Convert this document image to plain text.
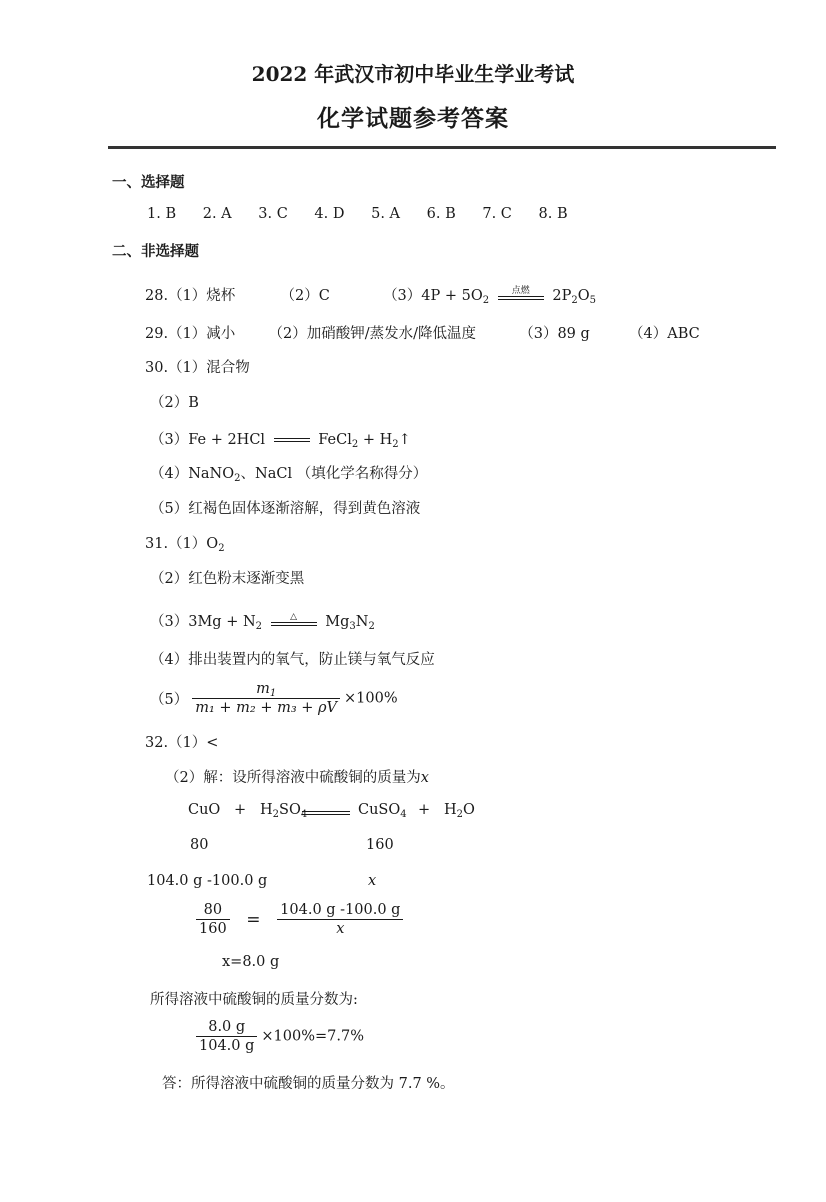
2022 年武汉市初中毕业生学业考试
化学试题参考答案
一、选择题
1. B 2. A 3. C 4. D 5. A 6. B 7. C 8. B
二、非选择题
28.（1）烧杯	（2）C	$(3)4P + 5O_2$
点燃	$2P_2O_5$
29.（1）减小 （2）加硝酸钾/蒸发水/降低温度	（3）89 g	（4）ABC
30.（1）混合物
（2）B
（3）Fe + 2HCl	FeCl$_2$ + $H_2↑$
（4）NaNO$_2$、NaCl （填化学名称得分）
（5）红褐色固体逐渐溶解，得到黄色溶液
$31.(1)O_2$
（2）红色粉末逐渐变黑
$(3)3Mg + N_2$
△	$Mg_3N_2$
（4）排出装置内的氧气，防止镁与氧气反应
$(5) \frac{m_1}{\text{m₁ + m₂ + m₃ + ρV}} \times 100\%$
32.（1）<
（2）解：设所得溶液中硫酸铜的质量为x
CuO + $H_2SO_4$	CuSO$_4$ + $H_2O$
80	160
104.0 g -100.0 g	x
$\frac{80}{160} = \frac{104.0 g -100.0 g}{x}$
x=8.0 g
所得溶液中硫酸铜的质量分数为:
$\frac{8.0 g}{104.0 g} \times 100\%=7.7\%$
答：所得溶液中硫酸铜的质量分数为 7.7 %。
